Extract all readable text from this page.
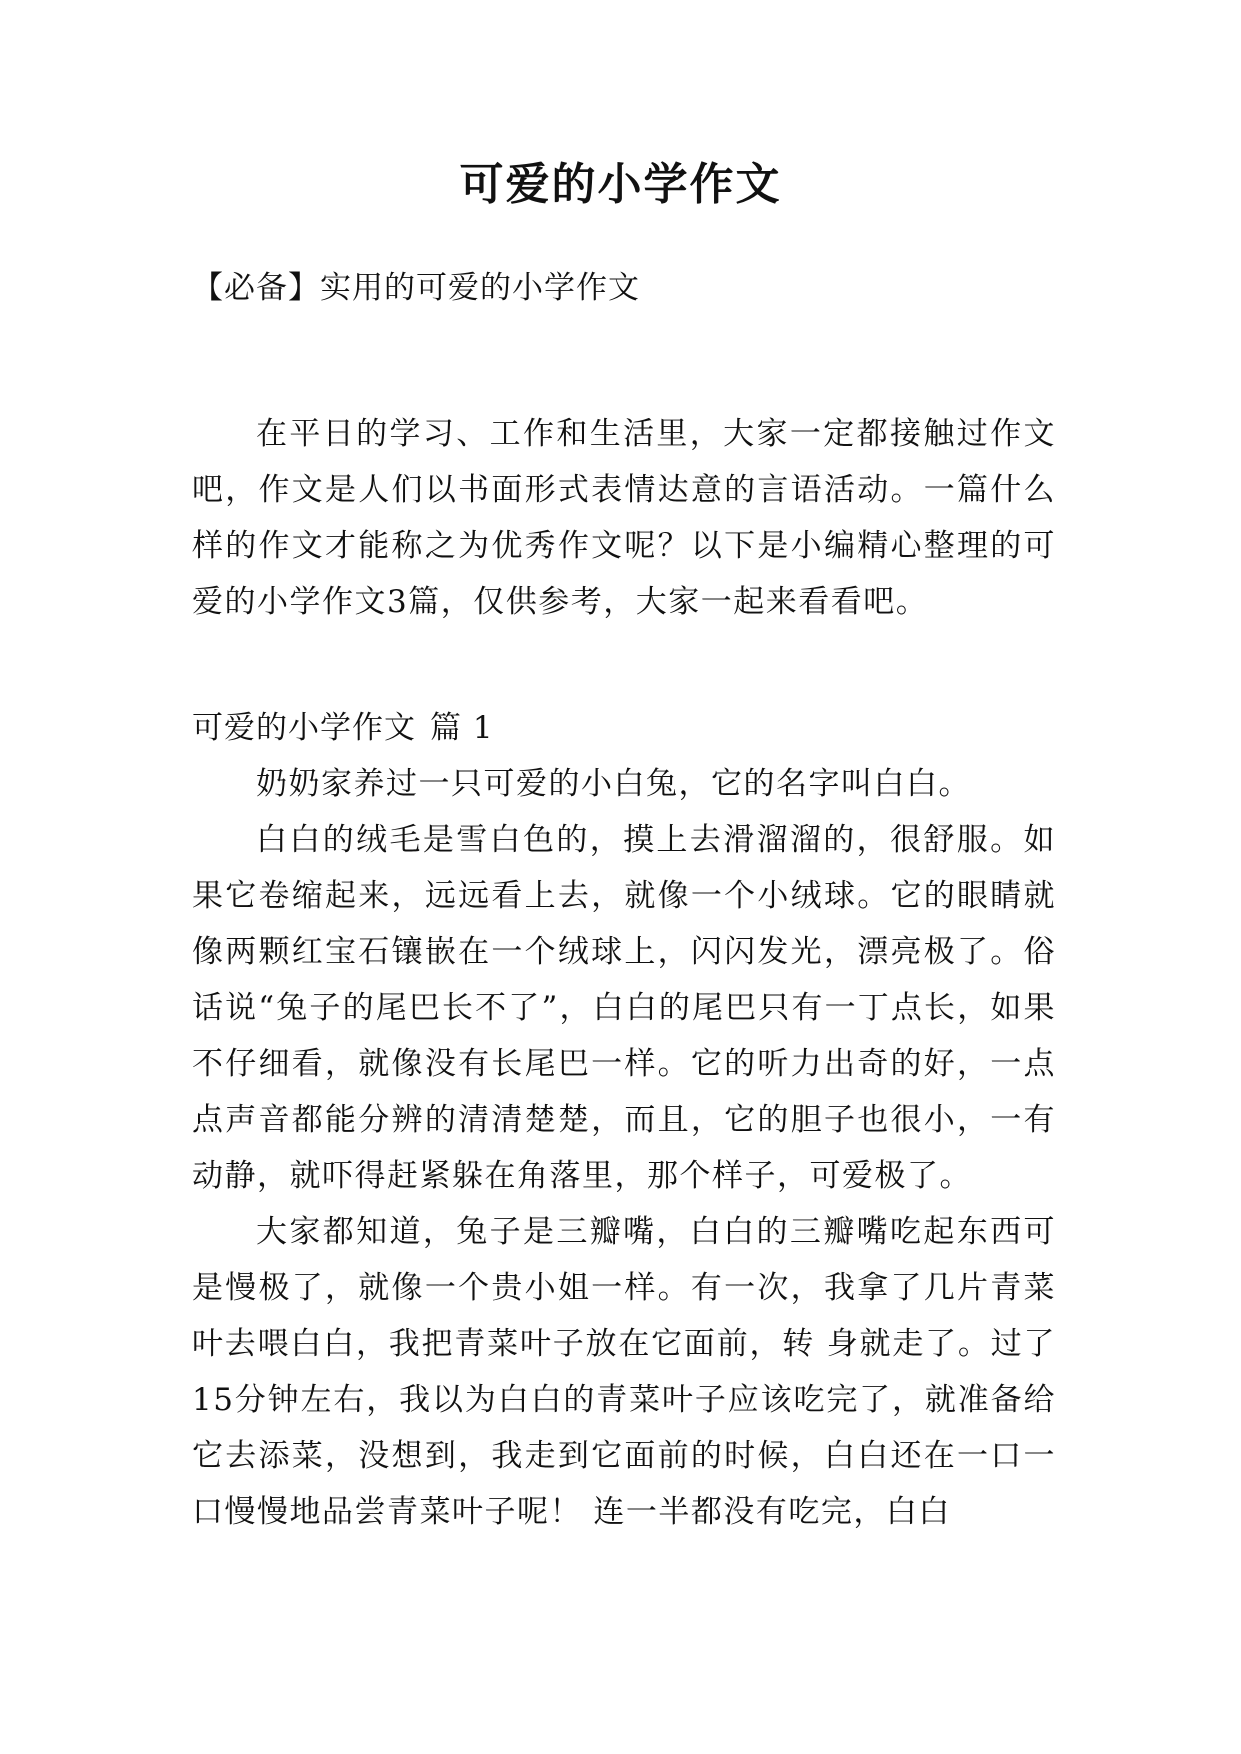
可爱的小学作文
【必备】实用的可爱的小学作文

在平日的学习、工作和生活里，大家一定都接触过作文吧，作文是人们以书面形式表情达意的言语活动。一篇什么样的作文才能称之为优秀作文呢？以下是小编精心整理的可爱的小学作文3篇，仅供参考，大家一起来看看吧。

可爱的小学作文 篇 1

奶奶家养过一只可爱的小白兔，它的名字叫白白。

白白的绒毛是雪白色的，摸上去滑溜溜的，很舒服。如果它卷缩起来，远远看上去，就像一个小绒球。它的眼睛就像两颗红宝石镶嵌在一个绒球上，闪闪发光，漂亮极了。俗话说“兔子的尾巴长不了”，白白的尾巴只有一丁点长，如果不仔细看，就像没有长尾巴一样。它的听力出奇的好，一点点声音都能分辨的清清楚楚，而且，它的胆子也很小，一有动静，就吓得赶紧躲在角落里，那个样子，可爱极了。

大家都知道，兔子是三瓣嘴，白白的三瓣嘴吃起东西可是慢极了，就像一个贵小姐一样。有一次，我拿了几片青菜叶去喂白白，我把青菜叶子放在它面前，转 身就走了。过了15分钟左右，我以为白白的青菜叶子应该吃完了，就准备给它去添菜，没想到，我走到它面前的时候，白白还在一口一口慢慢地品尝青菜叶子呢！ 连一半都没有吃完，白白
